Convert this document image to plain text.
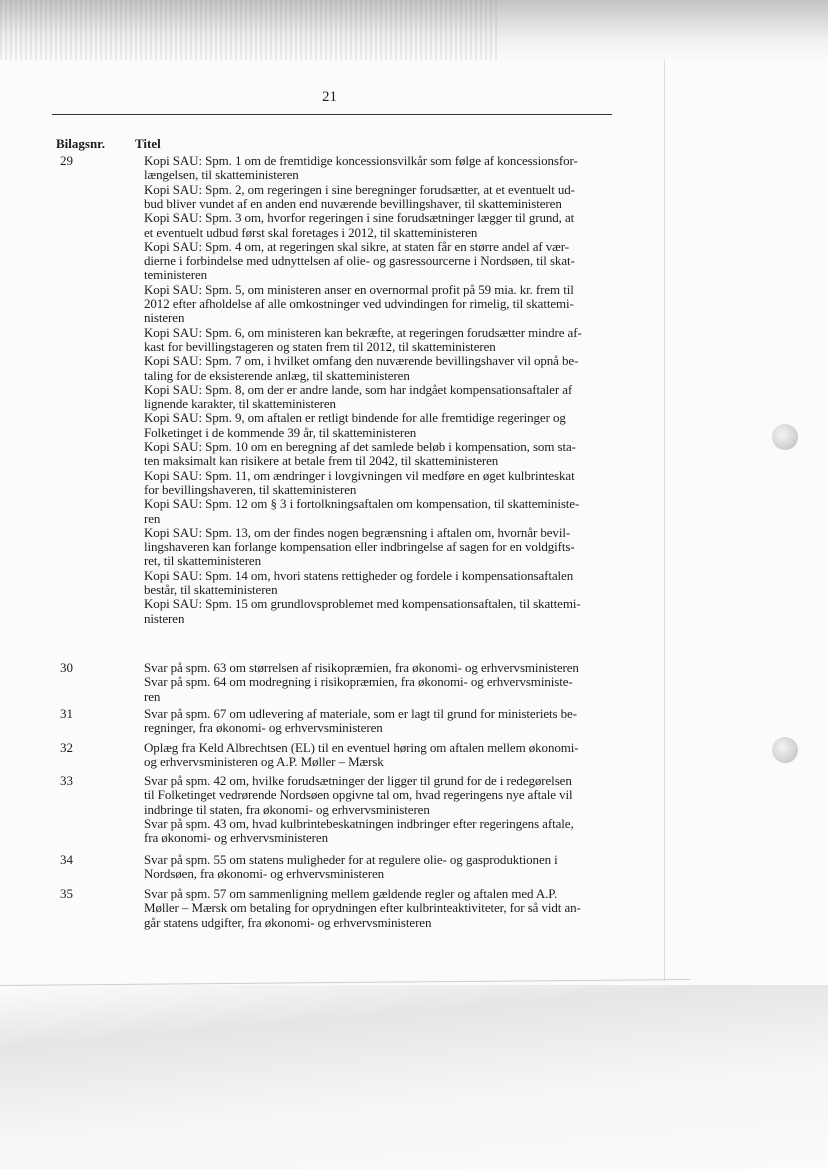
21
Bilagsnr. Titel
29	Kopi SAU: Spm. 1 om de fremtidige koncessionsvilkår som følge af koncessionsfor-
længelsen, til skatteministeren
Kopi SAU: Spm. 2, om regeringen i sine beregninger forudsætter, at et eventuelt ud-
bud bliver vundet af en anden end nuværende bevillingshaver, til skatteministeren
Kopi SAU: Spm. 3 om, hvorfor regeringen i sine forudsætninger lægger til grund, at
et eventuelt udbud først skal foretages i 2012, til skatteministeren
Kopi SAU: Spm. 4 om, at regeringen skal sikre, at staten får en større andel af vær-
dierne i forbindelse med udnyttelsen af olie- og gasressourcerne i Nordsøen, til skat-
teministeren
Kopi SAU: Spm. 5, om ministeren anser en overnormal profit på 59 mia. kr. frem til
2012 efter afholdelse af alle omkostninger ved udvindingen for rimelig, til skattemi-
nisteren
Kopi SAU: Spm. 6, om ministeren kan bekræfte, at regeringen forudsætter mindre af-
kast for bevillingstageren og staten frem til 2012, til skatteministeren
Kopi SAU: Spm. 7 om, i hvilket omfang den nuværende bevillingshaver vil opnå be-
taling for de eksisterende anlæg, til skatteministeren
Kopi SAU: Spm. 8, om der er andre lande, som har indgået kompensationsaftaler af
lignende karakter, til skatteministeren
Kopi SAU: Spm. 9, om aftalen er retligt bindende for alle fremtidige regeringer og
Folketinget i de kommende 39 år, til skatteministeren
Kopi SAU: Spm. 10 om en beregning af det samlede beløb i kompensation, som sta-
ten maksimalt kan risikere at betale frem til 2042, til skatteministeren
Kopi SAU: Spm. 11, om ændringer i lovgivningen vil medføre en øget kulbrinteskat
for bevillingshaveren, til skatteministeren
Kopi SAU: Spm. 12 om § 3 i fortolkningsaftalen om kompensation, til skatteministe-
ren
Kopi SAU: Spm. 13, om der findes nogen begrænsning i aftalen om, hvornår bevil-
lingshaveren kan forlange kompensation eller indbringelse af sagen for en voldgifts-
ret, til skatteministeren
Kopi SAU: Spm. 14 om, hvori statens rettigheder og fordele i kompensationsaftalen
består, til skatteministeren
Kopi SAU: Spm. 15 om grundlovsproblemet med kompensationsaftalen, til skattemi-
nisteren
30	Svar på spm. 63 om størrelsen af risikopræmien, fra økonomi- og erhvervsministeren
Svar på spm. 64 om modregning i risikopræmien, fra økonomi- og erhvervsministe-
ren
31	Svar på spm. 67 om udlevering af materiale, som er lagt til grund for ministeriets be-
regninger, fra økonomi- og erhvervsministeren
32	Oplæg fra Keld Albrechtsen (EL) til en eventuel høring om aftalen mellem økonomi-
og erhvervsministeren og A.P. Møller – Mærsk
33	Svar på spm. 42 om, hvilke forudsætninger der ligger til grund for de i redegørelsen
til Folketinget vedrørende Nordsøen opgivne tal om, hvad regeringens nye aftale vil
indbringe til staten, fra økonomi- og erhvervsministeren
Svar på spm. 43 om, hvad kulbrintebeskatningen indbringer efter regeringens aftale,
fra økonomi- og erhvervsministeren
34	Svar på spm. 55 om statens muligheder for at regulere olie- og gasproduktionen i
Nordsøen, fra økonomi- og erhvervsministeren
35	Svar på spm. 57 om sammenligning mellem gældende regler og aftalen med A.P.
Møller – Mærsk om betaling for oprydningen efter kulbrinteaktiviteter, for så vidt an-
går statens udgifter, fra økonomi- og erhvervsministeren
